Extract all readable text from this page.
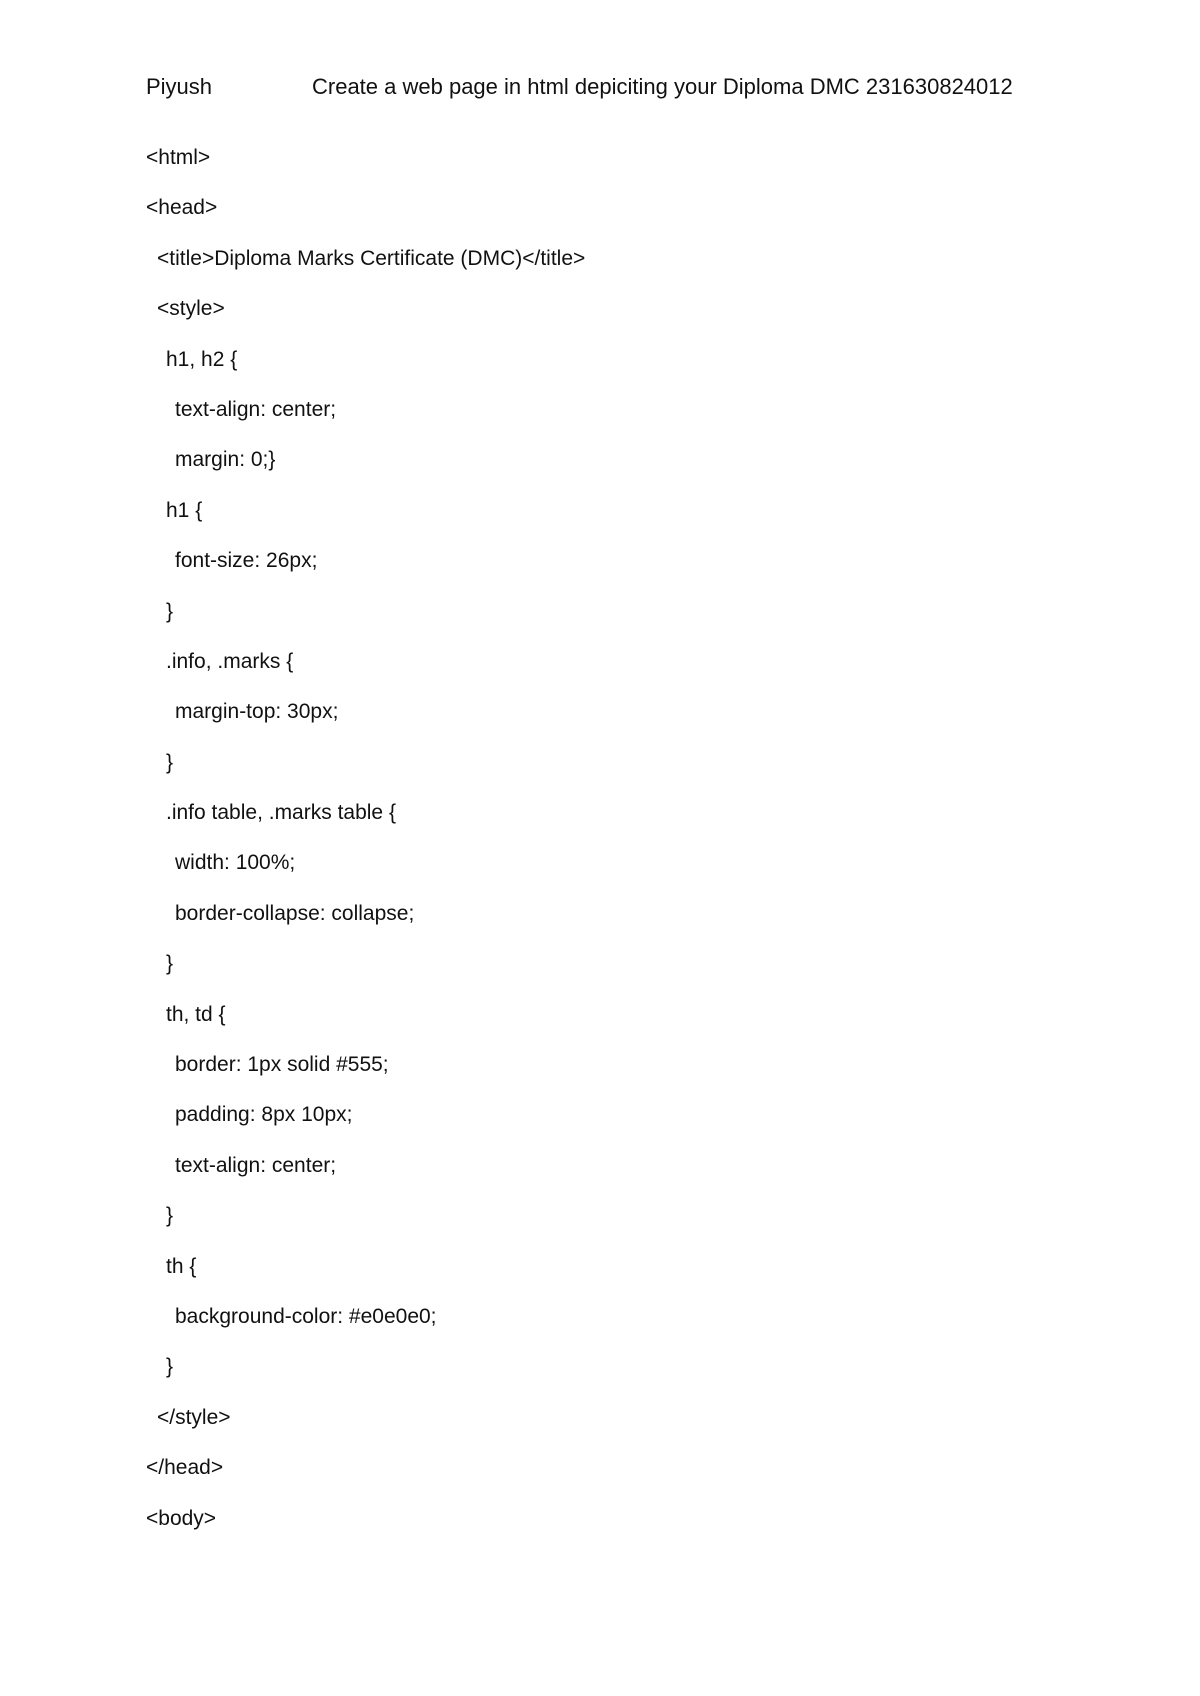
Piyush	Create a web page in html depiciting your Diploma DMC 231630824012
<html>
<head>
<title>Diploma Marks Certificate (DMC)</title>
<style>
h1, h2 {
text-align: center;
margin: 0;}
h1 {
font-size: 26px;
}
.info, .marks {
margin-top: 30px;
}
.info table, .marks table {
width: 100%;
border-collapse: collapse;
}
th, td {
border: 1px solid #555;
padding: 8px 10px;
text-align: center;
}
th {
background-color: #e0e0e0;
}
</style>
</head>
<body>
